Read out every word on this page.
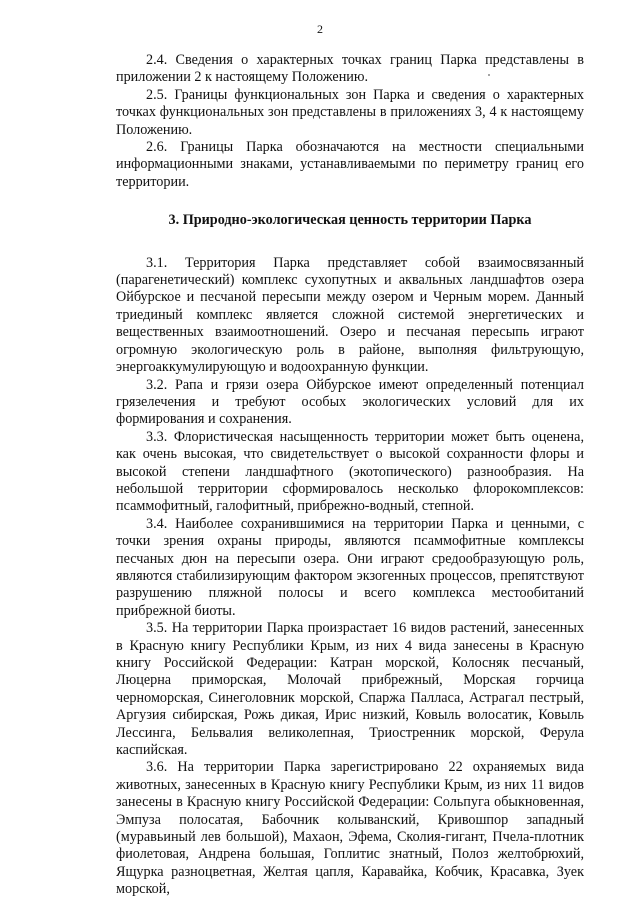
2

2.4. Сведения о характерных точках границ Парка представлены в приложении 2 к настоящему Положению.

2.5. Границы функциональных зон Парка и сведения о характерных точках функциональных зон представлены в приложениях 3, 4 к настоящему Положению.

2.6. Границы Парка обозначаются на местности специальными информационными знаками, устанавливаемыми по периметру границ его территории.

3. Природно-экологическая ценность территории Парка

3.1. Территория Парка представляет собой взаимосвязанный (парагенетический) комплекс сухопутных и аквальных ландшафтов озера Ойбурское и песчаной пересыпи между озером и Черным морем. Данный триединый комплекс является сложной системой энергетических и вещественных взаимоотношений. Озеро и песчаная пересыпь играют огромную экологическую роль в районе, выполняя фильтрующую, энергоаккумулирующую и водоохранную функции.

3.2. Рапа и грязи озера Ойбурское имеют определенный потенциал грязелечения и требуют особых экологических условий для их формирования и сохранения.

3.3. Флористическая насыщенность территории может быть оценена, как очень высокая, что свидетельствует о высокой сохранности флоры и высокой степени ландшафтного (экотопического) разнообразия. На небольшой территории сформировалось несколько флорокомплексов: псаммофитный, галофитный, прибрежно-водный, степной.

3.4. Наиболее сохранившимися на территории Парка и ценными, с точки зрения охраны природы, являются псаммофитные комплексы песчаных дюн на пересыпи озера. Они играют средообразующую роль, являются стабилизирующим фактором экзогенных процессов, препятствуют разрушению пляжной полосы и всего комплекса местообитаний прибрежной биоты.

3.5. На территории Парка произрастает 16 видов растений, занесенных в Красную книгу Республики Крым, из них 4 вида занесены в Красную книгу Российской Федерации: Катран морской, Колосняк песчаный, Люцерна приморская, Молочай прибрежный, Морская горчица черноморская, Синеголовник морской, Спаржа Палласа, Астрагал пестрый, Аргузия сибирская, Рожь дикая, Ирис низкий, Ковыль волосатик, Ковыль Лессинга, Бельвалия великолепная, Триостренник морской, Ферула каспийская.

3.6. На территории Парка зарегистрировано 22 охраняемых вида животных, занесенных в Красную книгу Республики Крым, из них 11 видов занесены в Красную книгу Российской Федерации: Сольпуга обыкновенная, Эмпуза полосатая, Бабочник колыванский, Кривошпор западный (муравьиный лев большой), Махаон, Эфема, Сколия-гигант, Пчела-плотник фиолетовая, Андрена большая, Гоплитис знатный, Полоз желтобрюхий, Ящурка разноцветная, Желтая цапля, Каравайка, Кобчик, Красавка, Зуек морской,
